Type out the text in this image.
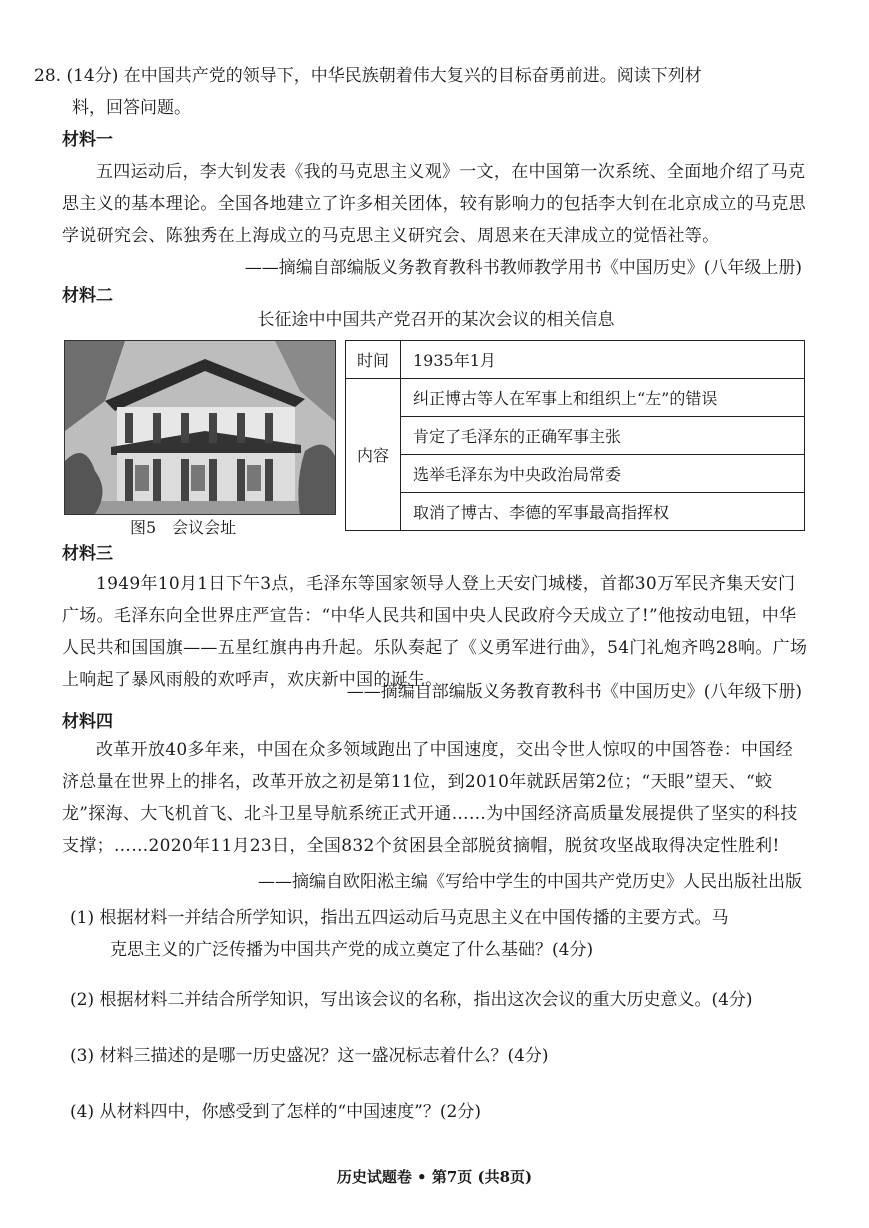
28. (14分) 在中国共产党的领导下，中华民族朝着伟大复兴的目标奋勇前进。阅读下列材
料，回答问题。
材料一
五四运动后，李大钊发表《我的马克思主义观》一文，在中国第一次系统、全面地介绍了马克思主义的基本理论。全国各地建立了许多相关团体，较有影响力的包括李大钊在北京成立的马克思学说研究会、陈独秀在上海成立的马克思主义研究会、周恩来在天津成立的觉悟社等。
——摘编自部编版义务教育教科书教师教学用书《中国历史》(八年级上册)
材料二
长征途中中国共产党召开的某次会议的相关信息
图5　会议会址
时间	1935年1月
内容	纠正博古等人在军事上和组织上“左”的错误
	肯定了毛泽东的正确军事主张
	选举毛泽东为中央政治局常委
	取消了博古、李德的军事最高指挥权
材料三
1949年10月1日下午3点，毛泽东等国家领导人登上天安门城楼，首都30万军民齐集天安门广场。毛泽东向全世界庄严宣告：“中华人民共和国中央人民政府今天成立了!”他按动电钮，中华人民共和国国旗——五星红旗冉冉升起。乐队奏起了《义勇军进行曲》，54门礼炮齐鸣28响。广场上响起了暴风雨般的欢呼声，欢庆新中国的诞生。
——摘编自部编版义务教育教科书《中国历史》(八年级下册)
材料四
改革开放40多年来，中国在众多领域跑出了中国速度，交出令世人惊叹的中国答卷：中国经济总量在世界上的排名，改革开放之初是第11位，到2010年就跃居第2位；“天眼”望天、“蛟龙”探海、大飞机首飞、北斗卫星导航系统正式开通……为中国经济高质量发展提供了坚实的科技支撑；……2020年11月23日，全国832个贫困县全部脱贫摘帽，脱贫攻坚战取得决定性胜利!
——摘编自欧阳淞主编《写给中学生的中国共产党历史》人民出版社出版
(1) 根据材料一并结合所学知识，指出五四运动后马克思主义在中国传播的主要方式。马
克思主义的广泛传播为中国共产党的成立奠定了什么基础？(4分)
(2) 根据材料二并结合所学知识，写出该会议的名称，指出这次会议的重大历史意义。(4分)
(3) 材料三描述的是哪一历史盛况？这一盛况标志着什么？(4分)
(4) 从材料四中，你感受到了怎样的“中国速度”？(2分)
历史试题卷 • 第7页 (共8页)
